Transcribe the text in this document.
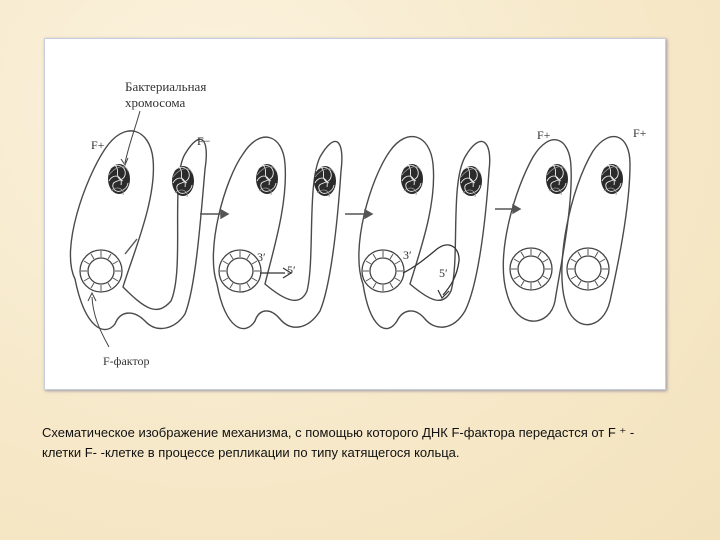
Бактериальная
хромосома
F+	F−
F-фактор
3′
5′
3′
5′
F+	F+
Схематическое изображение механизма, с помощью которого ДНК F-фактора передастся от F ⁺ -
клетки F- -клетке в процессе репликации по типу катящегося кольца.
